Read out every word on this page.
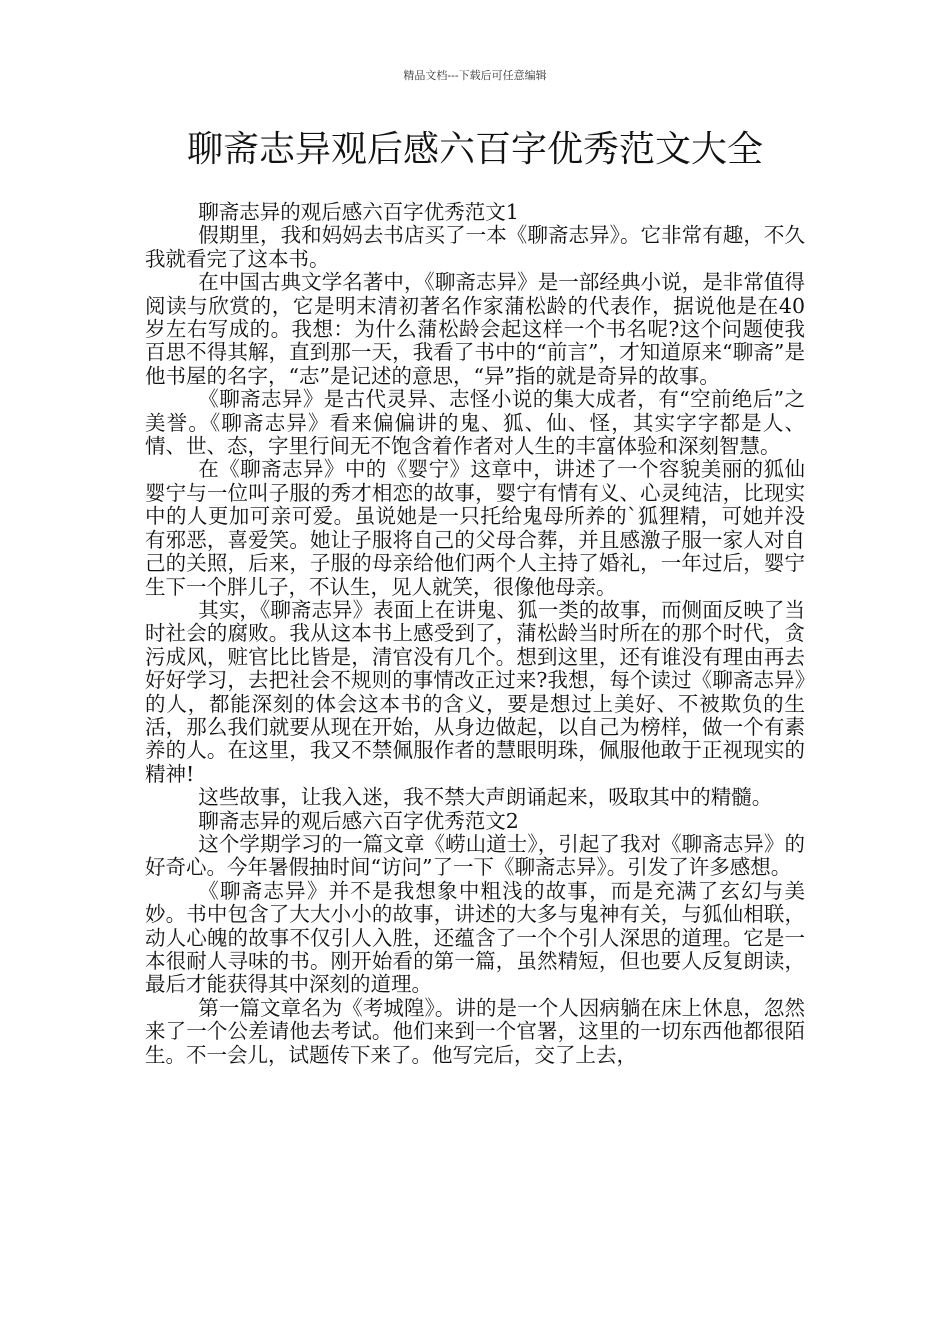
精品文档---下载后可任意编辑
聊斋志异观后感六百字优秀范文大全

聊斋志异的观后感六百字优秀范文1

假期里，我和妈妈去书店买了一本《聊斋志异》。它非常有趣，不久我就看完了这本书。

在中国古典文学名著中，《聊斋志异》是一部经典小说，是非常值得阅读与欣赏的，它是明末清初著名作家蒲松龄的代表作，据说他是在40岁左右写成的。我想：为什么蒲松龄会起这样一个书名呢?这个问题使我百思不得其解，直到那一天，我看了书中的“前言”，才知道原来“聊斋”是他书屋的名字，“志”是记述的意思，“异”指的就是奇异的故事。

《聊斋志异》是古代灵异、志怪小说的集大成者，有“空前绝后”之美誉。《聊斋志异》看来偏偏讲的鬼、狐、仙、怪，其实字字都是人、情、世、态，字里行间无不饱含着作者对人生的丰富体验和深刻智慧。

在《聊斋志异》中的《婴宁》这章中，讲述了一个容貌美丽的狐仙婴宁与一位叫子服的秀才相恋的故事，婴宁有情有义、心灵纯洁，比现实中的人更加可亲可爱。虽说她是一只托给鬼母所养的`狐狸精，可她并没有邪恶，喜爱笑。她让子服将自己的父母合葬，并且感激子服一家人对自己的关照，后来，子服的母亲给他们两个人主持了婚礼，一年过后，婴宁生下一个胖儿子，不认生，见人就笑，很像他母亲。

其实，《聊斋志异》表面上在讲鬼、狐一类的故事，而侧面反映了当时社会的腐败。我从这本书上感受到了，蒲松龄当时所在的那个时代，贪污成风，赃官比比皆是，清官没有几个。想到这里，还有谁没有理由再去好好学习，去把社会不规则的事情改正过来?我想，每个读过《聊斋志异》的人，都能深刻的体会这本书的含义，要是想过上美好、不被欺负的生活，那么我们就要从现在开始，从身边做起，以自己为榜样，做一个有素养的人。在这里，我又不禁佩服作者的慧眼明珠，佩服他敢于正视现实的精神!

这些故事，让我入迷，我不禁大声朗诵起来，吸取其中的精髓。

聊斋志异的观后感六百字优秀范文2

这个学期学习的一篇文章《崂山道士》，引起了我对《聊斋志异》的好奇心。今年暑假抽时间“访问”了一下《聊斋志异》。引发了许多感想。

《聊斋志异》并不是我想象中粗浅的故事，而是充满了玄幻与美妙。书中包含了大大小小的故事，讲述的大多与鬼神有关，与狐仙相联，动人心魄的故事不仅引人入胜，还蕴含了一个个引人深思的道理。它是一本很耐人寻味的书。刚开始看的第一篇，虽然精短，但也要人反复朗读，最后才能获得其中深刻的道理。

第一篇文章名为《考城隍》。讲的是一个人因病躺在床上休息，忽然来了一个公差请他去考试。他们来到一个官署，这里的一切东西他都很陌生。不一会儿，试题传下来了。他写完后，交了上去，
